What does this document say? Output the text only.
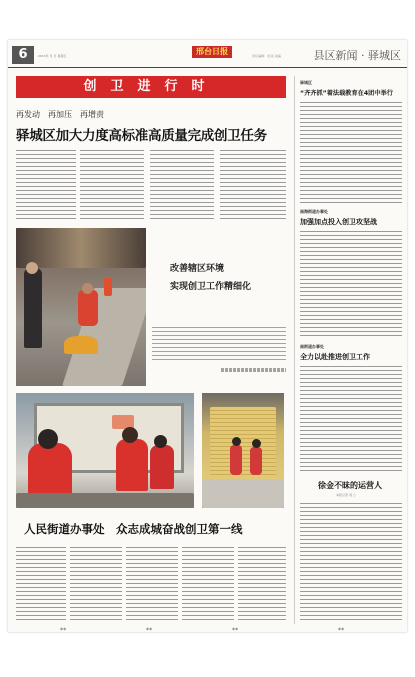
6	2013年 月 日 星期五	邢台日报	责任编辑：刘 版 美编	县区新闻 · 驿城区
创卫进行时
再发动　再加压　再增责
驿城区加大力度高标准高质量完成创卫任务
改善辖区环境
实现创卫工作精细化
人民街道办事处　众志成城奋战创卫第一线
驿城区
“齐齐抓”着法载教育在4团中举行
南海街道办事处
加强加点投入创卫攻坚战
南街道办事处
全力以赴推进创卫工作
徐金不昧的运营人
本报记者 刘 兰
◆◆	◆◆	◆◆	◆◆
